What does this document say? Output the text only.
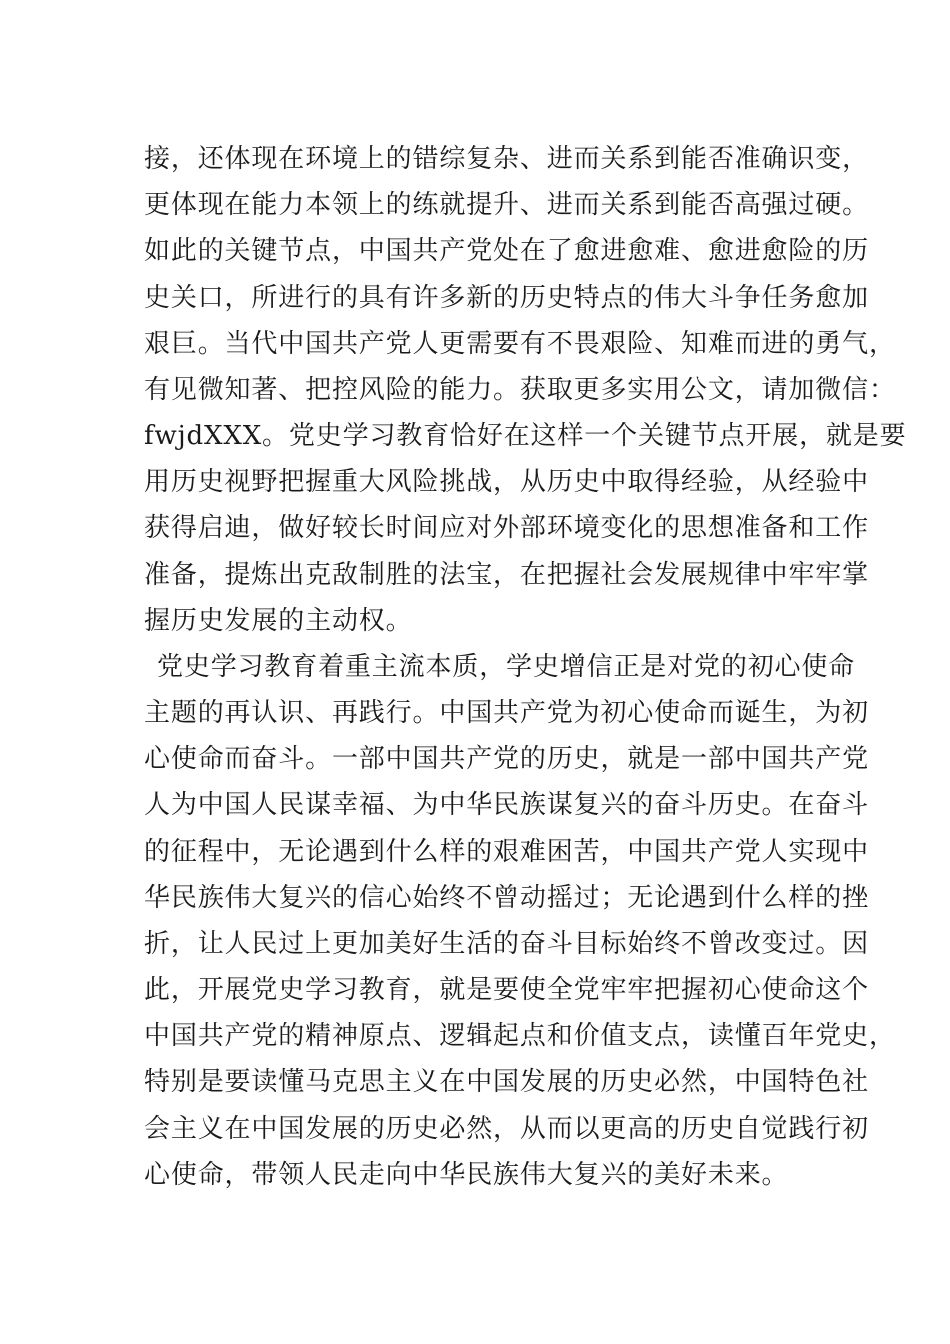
接，还体现在环境上的错综复杂、进而关系到能否准确识变，
更体现在能力本领上的练就提升、进而关系到能否高强过硬。
如此的关键节点，中国共产党处在了愈进愈难、愈进愈险的历
史关口，所进行的具有许多新的历史特点的伟大斗争任务愈加
艰巨。当代中国共产党人更需要有不畏艰险、知难而进的勇气，
有见微知著、把控风险的能力。获取更多实用公文，请加微信：
fwjdXXX。党史学习教育恰好在这样一个关键节点开展，就是要
用历史视野把握重大风险挑战，从历史中取得经验，从经验中
获得启迪，做好较长时间应对外部环境变化的思想准备和工作
准备，提炼出克敌制胜的法宝，在把握社会发展规律中牢牢掌
握历史发展的主动权。
党史学习教育着重主流本质，学史增信正是对党的初心使命
主题的再认识、再践行。中国共产党为初心使命而诞生，为初
心使命而奋斗。一部中国共产党的历史，就是一部中国共产党
人为中国人民谋幸福、为中华民族谋复兴的奋斗历史。在奋斗
的征程中，无论遇到什么样的艰难困苦，中国共产党人实现中
华民族伟大复兴的信心始终不曾动摇过；无论遇到什么样的挫
折，让人民过上更加美好生活的奋斗目标始终不曾改变过。因
此，开展党史学习教育，就是要使全党牢牢把握初心使命这个
中国共产党的精神原点、逻辑起点和价值支点，读懂百年党史，
特别是要读懂马克思主义在中国发展的历史必然，中国特色社
会主义在中国发展的历史必然，从而以更高的历史自觉践行初
心使命，带领人民走向中华民族伟大复兴的美好未来。
